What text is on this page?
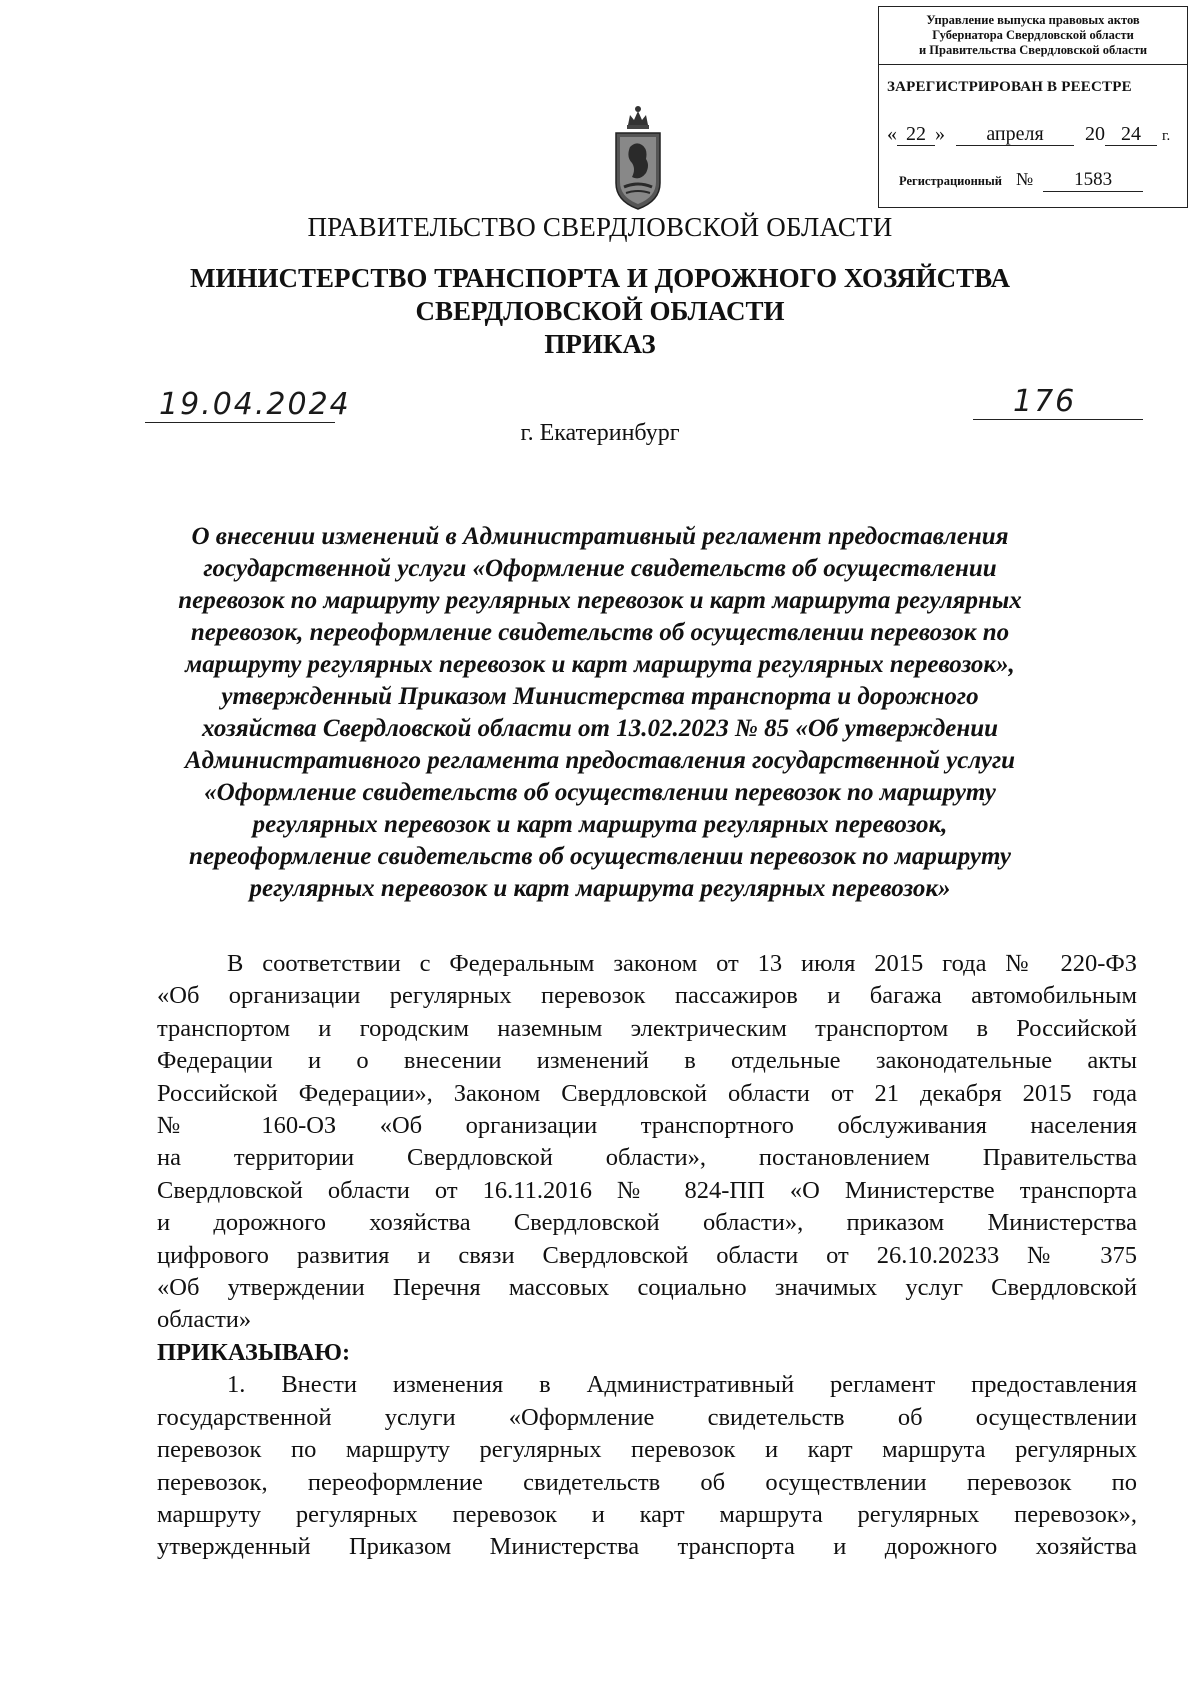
Управление выпуска правовых актов
Губернатора Свердловской области
и Правительства Свердловской области
ЗАРЕГИСТРИРОВАН В РЕЕСТРЕ
« 22 » апреля 20 24 г.
Регистрационный № 1583
ПРАВИТЕЛЬСТВО СВЕРДЛОВСКОЙ ОБЛАСТИ
МИНИСТЕРСТВО ТРАНСПОРТА И ДОРОЖНОГО ХОЗЯЙСТВА
СВЕРДЛОВСКОЙ ОБЛАСТИ
ПРИКАЗ
19.04.2024	176
г. Екатеринбург
О внесении изменений в Административный регламент предоставления
государственной услуги «Оформление свидетельств об осуществлении
перевозок по маршруту регулярных перевозок и карт маршрута регулярных
перевозок, переоформление свидетельств об осуществлении перевозок по
маршруту регулярных перевозок и карт маршрута регулярных перевозок»,
утвержденный Приказом Министерства транспорта и дорожного
хозяйства Свердловской области от 13.02.2023 № 85 «Об утверждении
Административного регламента предоставления государственной услуги
«Оформление свидетельств об осуществлении перевозок по маршруту
регулярных перевозок и карт маршрута регулярных перевозок,
переоформление свидетельств об осуществлении перевозок по маршруту
регулярных перевозок и карт маршрута регулярных перевозок»
В соответствии с Федеральным законом от 13 июля 2015 года № 220-ФЗ
«Об организации регулярных перевозок пассажиров и багажа автомобильным
транспортом и городским наземным электрическим транспортом в Российской
Федерации и о внесении изменений в отдельные законодательные акты
Российской Федерации», Законом Свердловской области от 21 декабря 2015 года
№ 160-ОЗ «Об организации транспортного обслуживания населения
на территории Свердловской области», постановлением Правительства
Свердловской области от 16.11.2016 № 824-ПП «О Министерстве транспорта
и дорожного хозяйства Свердловской области», приказом Министерства
цифрового развития и связи Свердловской области от 26.10.20233 № 375
«Об утверждении Перечня массовых социально значимых услуг Свердловской
области»
ПРИКАЗЫВАЮ:
1. Внести изменения в Административный регламент предоставления
государственной услуги «Оформление свидетельств об осуществлении
перевозок по маршруту регулярных перевозок и карт маршрута регулярных
перевозок, переоформление свидетельств об осуществлении перевозок по
маршруту регулярных перевозок и карт маршрута регулярных перевозок»,
утвержденный Приказом Министерства транспорта и дорожного хозяйства
